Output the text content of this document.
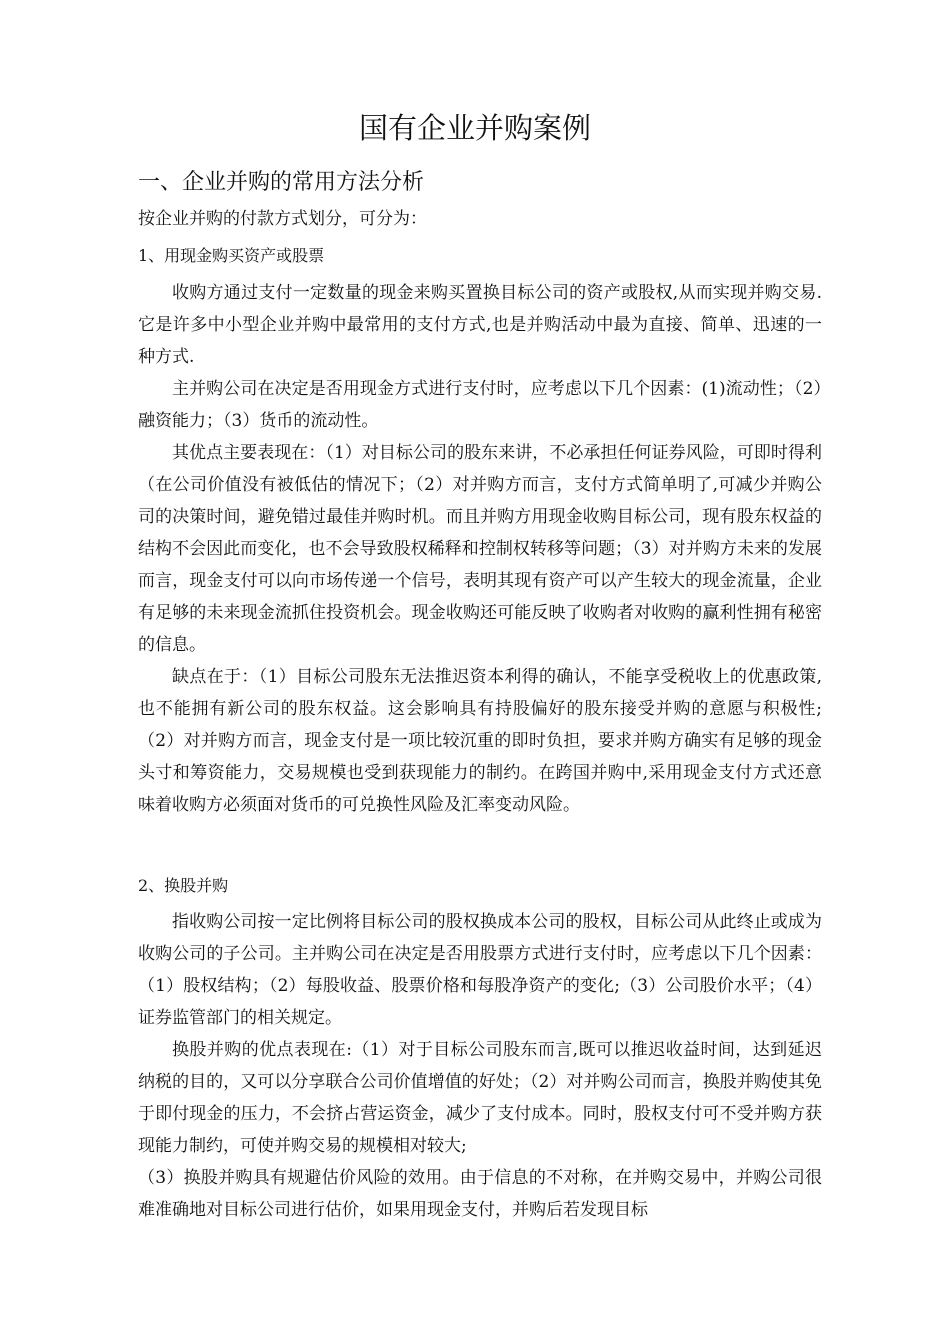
国有企业并购案例
一、企业并购的常用方法分析

按企业并购的付款方式划分，可分为：

1、用现金购买资产或股票

收购方通过支付一定数量的现金来购买置换目标公司的资产或股权,从而实现并购交易.它是许多中小型企业并购中最常用的支付方式,也是并购活动中最为直接、简单、迅速的一种方式.

主并购公司在决定是否用现金方式进行支付时，应考虑以下几个因素：(1)流动性；（2）融资能力；（3）货币的流动性。

其优点主要表现在：（1）对目标公司的股东来讲，不必承担任何证券风险，可即时得利（在公司价值没有被低估的情况下；（2）对并购方而言，支付方式简单明了,可减少并购公司的决策时间，避免错过最佳并购时机。而且并购方用现金收购目标公司，现有股东权益的结构不会因此而变化，也不会导致股权稀释和控制权转移等问题；（3）对并购方未来的发展而言，现金支付可以向市场传递一个信号，表明其现有资产可以产生较大的现金流量，企业有足够的未来现金流抓住投资机会。现金收购还可能反映了收购者对收购的赢利性拥有秘密的信息。

缺点在于：（1）目标公司股东无法推迟资本利得的确认，不能享受税收上的优惠政策,也不能拥有新公司的股东权益。这会影响具有持股偏好的股东接受并购的意愿与积极性;（2）对并购方而言，现金支付是一项比较沉重的即时负担，要求并购方确实有足够的现金头寸和筹资能力，交易规模也受到获现能力的制约。在跨国并购中,采用现金支付方式还意味着收购方必须面对货币的可兑换性风险及汇率变动风险。

2、换股并购

指收购公司按一定比例将目标公司的股权换成本公司的股权，目标公司从此终止或成为收购公司的子公司。主并购公司在决定是否用股票方式进行支付时，应考虑以下几个因素：（1）股权结构；（2）每股收益、股票价格和每股净资产的变化;（3）公司股价水平；（4）证券监管部门的相关规定。

换股并购的优点表现在:（1）对于目标公司股东而言,既可以推迟收益时间，达到延迟纳税的目的，又可以分享联合公司价值增值的好处；（2）对并购公司而言，换股并购使其免于即付现金的压力，不会挤占营运资金，减少了支付成本。同时，股权支付可不受并购方获现能力制约，可使并购交易的规模相对较大;

（3）换股并购具有规避估价风险的效用。由于信息的不对称，在并购交易中，并购公司很难准确地对目标公司进行估价，如果用现金支付，并购后若发现目标
